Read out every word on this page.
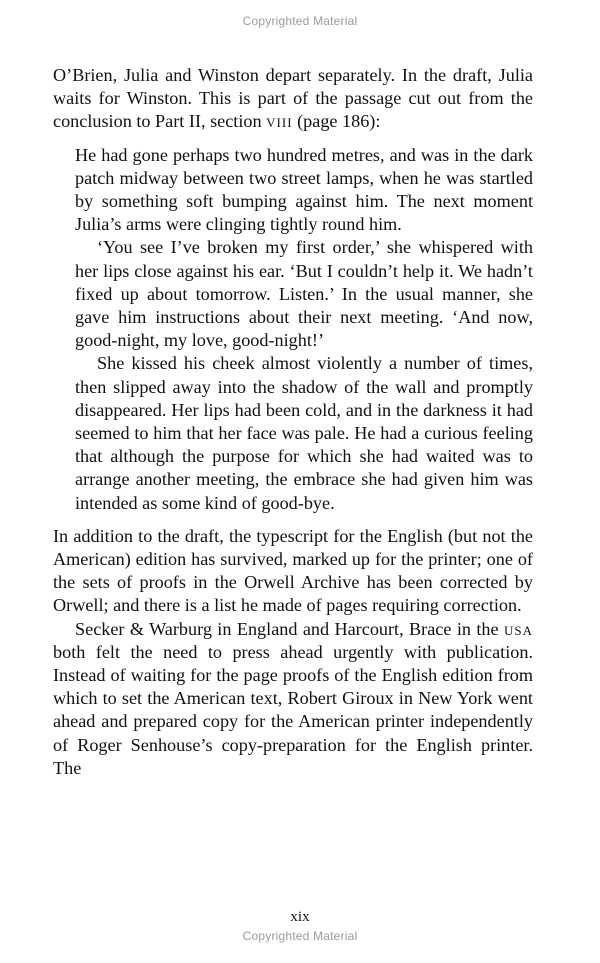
Copyrighted Material

O’Brien, Julia and Winston depart separately. In the draft, Julia waits for Winston. This is part of the passage cut out from the conclusion to Part II, section viii (page 186):

He had gone perhaps two hundred metres, and was in the dark patch midway between two street lamps, when he was startled by something soft bumping against him. The next moment Julia’s arms were clinging tightly round him.

‘You see I’ve broken my first order,’ she whispered with her lips close against his ear. ‘But I couldn’t help it. We hadn’t fixed up about tomorrow. Listen.’ In the usual manner, she gave him instructions about their next meeting. ‘And now, good-night, my love, good-night!’

She kissed his cheek almost violently a number of times, then slipped away into the shadow of the wall and promptly disappeared. Her lips had been cold, and in the darkness it had seemed to him that her face was pale. He had a curious feeling that although the purpose for which she had waited was to arrange another meeting, the embrace she had given him was intended as some kind of good-bye.

In addition to the draft, the typescript for the English (but not the American) edition has survived, marked up for the printer; one of the sets of proofs in the Orwell Archive has been corrected by Orwell; and there is a list he made of pages requiring correction.

Secker & Warburg in England and Harcourt, Brace in the usa both felt the need to press ahead urgently with publication. Instead of waiting for the page proofs of the English edition from which to set the American text, Robert Giroux in New York went ahead and prepared copy for the American printer independently of Roger Senhouse’s copy-preparation for the English printer. The

xix
Copyrighted Material
